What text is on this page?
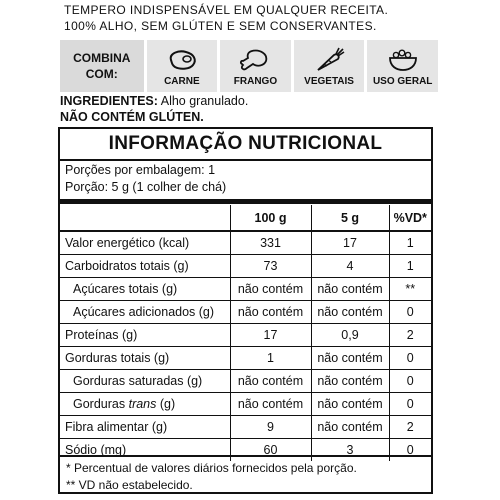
TEMPERO INDISPENSÁVEL EM QUALQUER RECEITA.
100% ALHO, SEM GLÚTEN E SEM CONSERVANTES.
COMBINA COM:
CARNE	FRANGO	VEGETAIS USO GERAL
INGREDIENTES: Alho granulado.
NÃO CONTÉM GLÚTEN.
INFORMAÇÃO NUTRICIONAL
Porções por embalagem: 1
Porção: 5 g (1 colher de chá)
	100 g	5 g	%VD*
Valor energético (kcal)	331	17	1
Carboidratos totais (g)	73	4	1
Açúcares totais (g)	não contém	não contém	**
Açúcares adicionados (g)	não contém	não contém	0
Proteínas (g)	17	0,9	2
Gorduras totais (g)	1	não contém	0
Gorduras saturadas (g)	não contém	não contém	0
Gorduras trans (g)	não contém	não contém	0
Fibra alimentar (g)	9	não contém	2
Sódio (mg)	60	3	0
* Percentual de valores diários fornecidos pela porção.
** VD não estabelecido.
